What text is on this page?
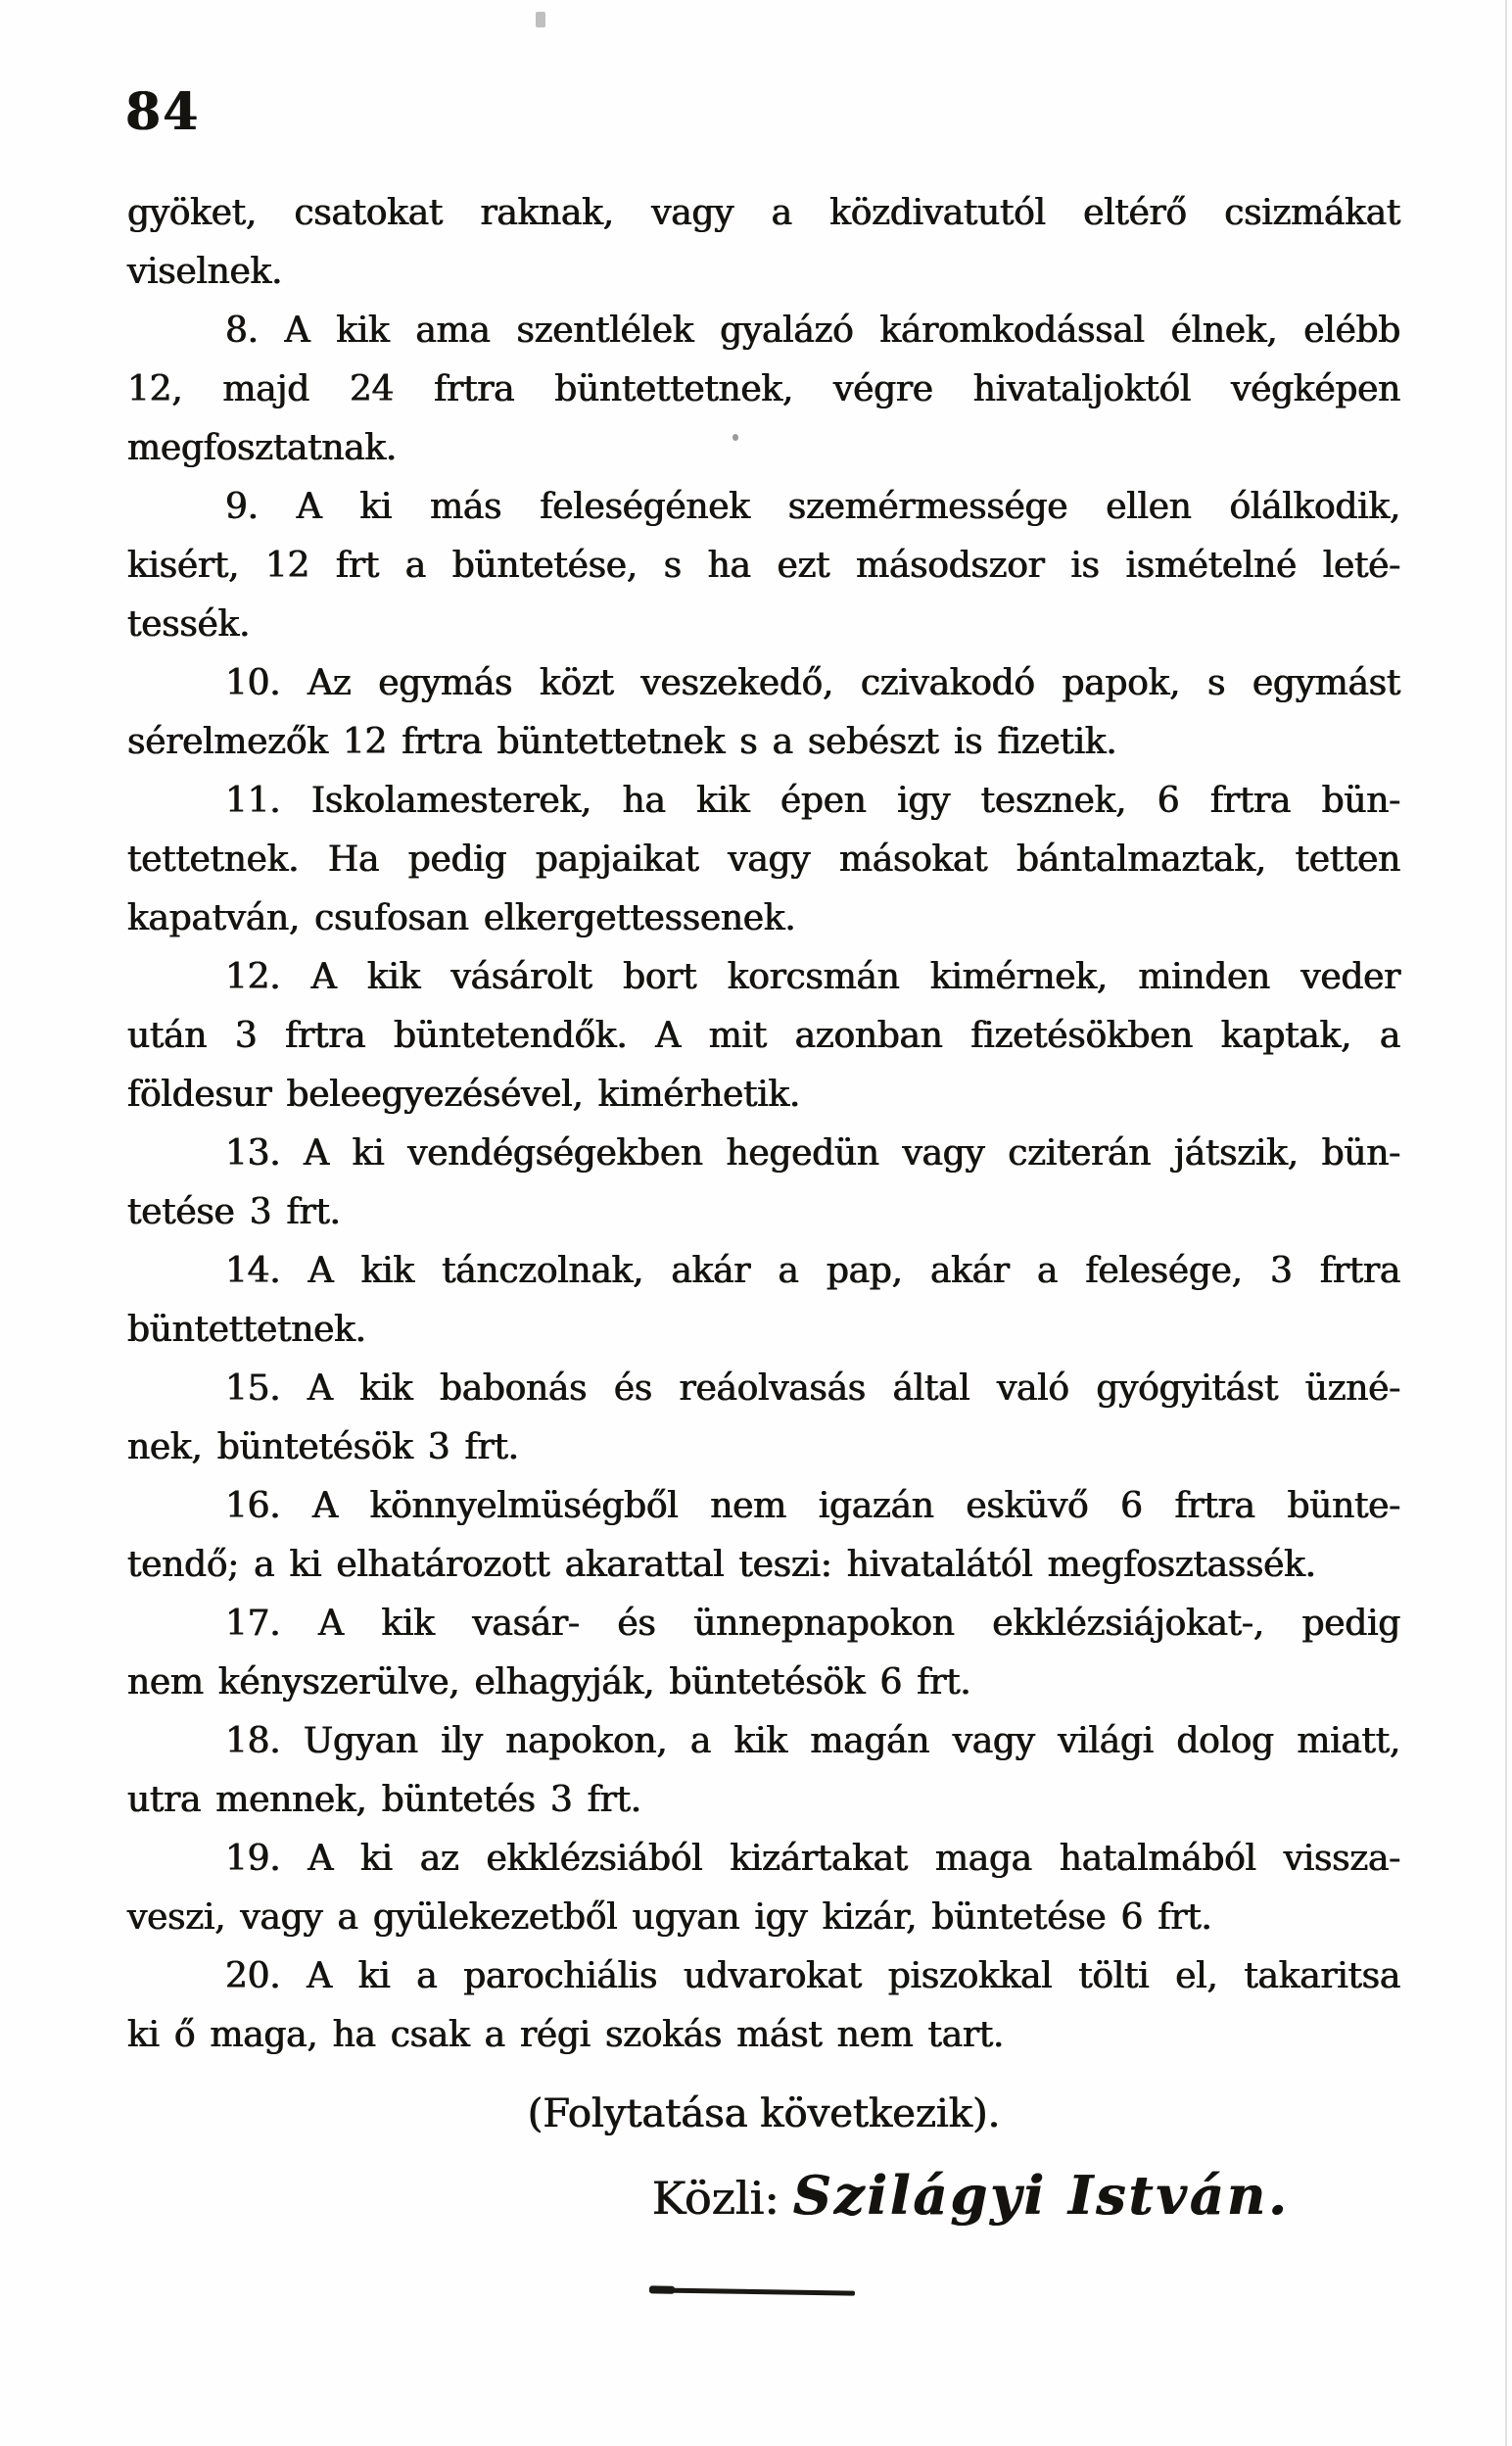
84
gyöket, csatokat raknak, vagy a közdivatutól eltérő csizmákat
viselnek.
8. A kik ama szentlélek gyalázó káromkodással élnek, elébb
12, majd 24 frtra büntettetnek, végre hivataljoktól végképen
megfosztatnak.
9. A ki más feleségének szemérmessége ellen ólálkodik,
kisért, 12 frt a büntetése, s ha ezt másodszor is ismételné leté-
tessék.
10. Az egymás közt veszekedő, czivakodó papok, s egymást
sérelmezők 12 frtra büntettetnek s a sebészt is fizetik.
11. Iskolamesterek, ha kik épen igy tesznek, 6 frtra bün-
tettetnek. Ha pedig papjaikat vagy másokat bántalmaztak, tetten
kapatván, csufosan elkergettessenek.
12. A kik vásárolt bort korcsmán kimérnek, minden veder
után 3 frtra büntetendők. A mit azonban fizetésökben kaptak, a
földesur beleegyezésével, kimérhetik.
13. A ki vendégségekben hegedün vagy cziterán játszik, bün-
tetése 3 frt.
14. A kik tánczolnak, akár a pap, akár a felesége, 3 frtra
büntettetnek.
15. A kik babonás és reáolvasás által való gyógyitást üzné-
nek, büntetésök 3 frt.
16. A könnyelmüségből nem igazán esküvő 6 frtra bünte-
tendő; a ki elhatározott akarattal teszi: hivatalától megfosztassék.
17. A kik vasár- és ünnepnapokon ekklézsiájokat-, pedig
nem kényszerülve, elhagyják, büntetésök 6 frt.
18. Ugyan ily napokon, a kik magán vagy világi dolog miatt,
utra mennek, büntetés 3 frt.
19. A ki az ekklézsiából kizártakat maga hatalmából vissza-
veszi, vagy a gyülekezetből ugyan igy kizár, büntetése 6 frt.
20. A ki a parochiális udvarokat piszokkal tölti el, takaritsa
ki ő maga, ha csak a régi szokás mást nem tart.
(Folytatása következik).
Közli: Szilágyi István.
